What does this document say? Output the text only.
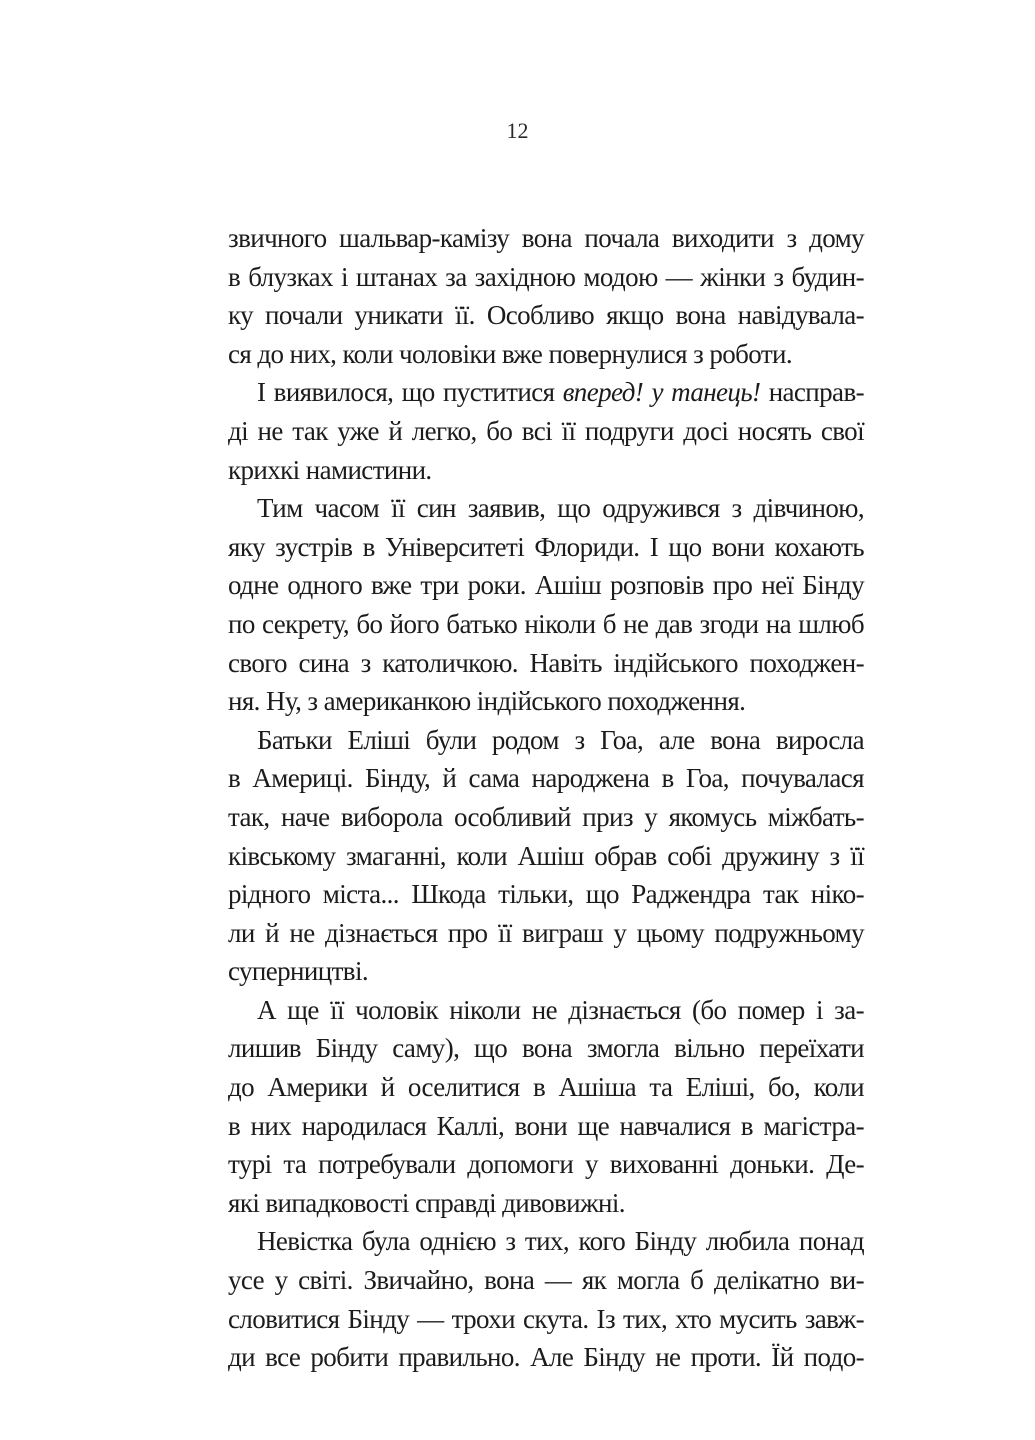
12
звичного шальвар-камізу вона почала виходити з дому
в блузках і штанах за західною модою — жінки з будин-
ку почали уникати її. Особливо якщо вона навідувала-
ся до них, коли чоловіки вже повернулися з роботи.
І виявилося, що пуститися вперед! у танець! насправ-
ді не так уже й легко, бо всі її подруги досі носять свої
крихкі намистини.
Тим часом її син заявив, що одружився з дівчиною,
яку зустрів в Університеті Флориди. І що вони кохають
одне одного вже три роки. Ашіш розповів про неї Бінду
по секрету, бо його батько ніколи б не дав згоди на шлюб
свого сина з католичкою. Навіть індійського походжен-
ня. Ну, з американкою індійського походження.
Батьки Еліші були родом з Гоа, але вона виросла
в Америці. Бінду, й сама народжена в Гоа, почувалася
так, наче виборола особливий приз у якомусь міжбать-
ківському змаганні, коли Ашіш обрав собі дружину з її
рідного міста... Шкода тільки, що Раджендра так ніко-
ли й не дізнається про її виграш у цьому подружньому
суперництві.
А ще її чоловік ніколи не дізнається (бо помер і за-
лишив Бінду саму), що вона змогла вільно переїхати
до Америки й оселитися в Ашіша та Еліші, бо, коли
в них народилася Каллі, вони ще навчалися в магістра-
турі та потребували допомоги у вихованні доньки. Де-
які випадковості справді дивовижні.
Невістка була однією з тих, кого Бінду любила понад
усе у світі. Звичайно, вона — як могла б делікатно ви-
словитися Бінду — трохи скута. Із тих, хто мусить завж-
ди все робити правильно. Але Бінду не проти. Їй подо-
